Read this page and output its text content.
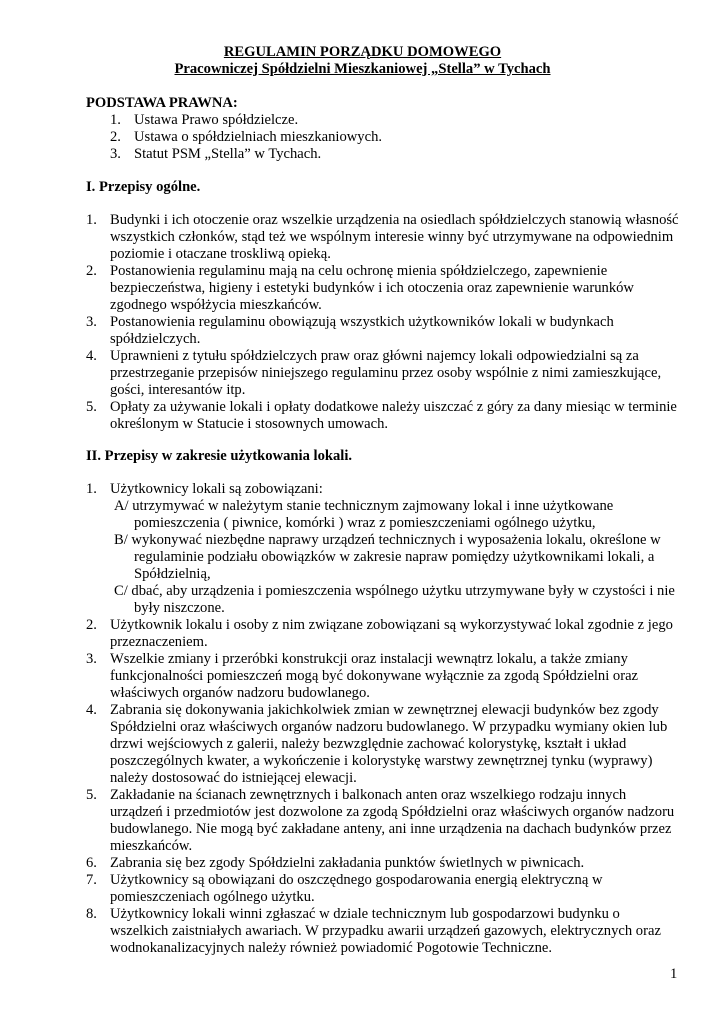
REGULAMIN PORZĄDKU DOMOWEGO
Pracowniczej Spółdzielni Mieszkaniowej „Stella” w Tychach
PODSTAWA PRAWNA:
1. Ustawa Prawo spółdzielcze.
2. Ustawa o spółdzielniach mieszkaniowych.
3. Statut PSM „Stella” w Tychach.
I. Przepisy ogólne.
1. Budynki i ich otoczenie oraz wszelkie urządzenia na osiedlach spółdzielczych stanowią własność wszystkich członków, stąd też we wspólnym interesie winny być utrzymywane na odpowiednim poziomie i otaczane troskliwą opieką.
2. Postanowienia regulaminu mają na celu ochronę mienia spółdzielczego, zapewnienie bezpieczeństwa, higieny i estetyki budynków i ich otoczenia oraz zapewnienie warunków zgodnego współżycia mieszkańców.
3. Postanowienia regulaminu obowiązują wszystkich użytkowników lokali w budynkach spółdzielczych.
4. Uprawnieni z tytułu spółdzielczych praw oraz główni najemcy lokali odpowiedzialni są za przestrzeganie przepisów niniejszego regulaminu przez osoby wspólnie z nimi zamieszkujące, gości, interesantów itp.
5. Opłaty za używanie lokali i opłaty dodatkowe należy uiszczać z góry za dany miesiąc w terminie określonym w Statucie i stosownych umowach.
II. Przepisy w zakresie użytkowania lokali.
1. Użytkownicy lokali są zobowiązani:
A/ utrzymywać w należytym stanie technicznym zajmowany lokal i inne użytkowane pomieszczenia ( piwnice, komórki ) wraz z pomieszczeniami ogólnego użytku,
B/ wykonywać niezbędne naprawy urządzeń technicznych i wyposażenia lokalu, określone w regulaminie podziału obowiązków w zakresie napraw pomiędzy użytkownikami lokali, a Spółdzielnią,
C/ dbać, aby urządzenia i pomieszczenia wspólnego użytku utrzymywane były w czystości i nie były niszczone.
2. Użytkownik lokalu i osoby z nim związane zobowiązani są wykorzystywać lokal zgodnie z jego przeznaczeniem.
3. Wszelkie zmiany i przeróbki konstrukcji oraz instalacji wewnątrz lokalu, a także zmiany funkcjonalności pomieszczeń mogą być dokonywane wyłącznie za zgodą Spółdzielni oraz właściwych organów nadzoru budowlanego.
4. Zabrania się dokonywania jakichkolwiek zmian w zewnętrznej elewacji budynków bez zgody Spółdzielni oraz właściwych organów nadzoru budowlanego. W przypadku wymiany okien lub drzwi wejściowych z galerii, należy bezwzględnie zachować kolorystykę, kształt i układ poszczególnych kwater, a wykończenie i kolorystykę warstwy zewnętrznej tynku (wyprawy) należy dostosować do istniejącej elewacji.
5. Zakładanie na ścianach zewnętrznych i balkonach anten oraz wszelkiego rodzaju innych urządzeń i przedmiotów jest dozwolone za zgodą Spółdzielni oraz właściwych organów nadzoru budowlanego. Nie mogą być zakładane anteny, ani inne urządzenia na dachach budynków przez mieszkańców.
6. Zabrania się bez zgody Spółdzielni zakładania punktów świetlnych w piwnicach.
7. Użytkownicy są obowiązani do oszczędnego gospodarowania energią elektryczną w pomieszczeniach ogólnego użytku.
8. Użytkownicy lokali winni zgłaszać w dziale technicznym lub gospodarzowi budynku o wszelkich zaistniałych awariach. W przypadku awarii urządzeń gazowych, elektrycznych oraz wodnokanalizacyjnych należy również powiadomić Pogotowie Techniczne.
1
